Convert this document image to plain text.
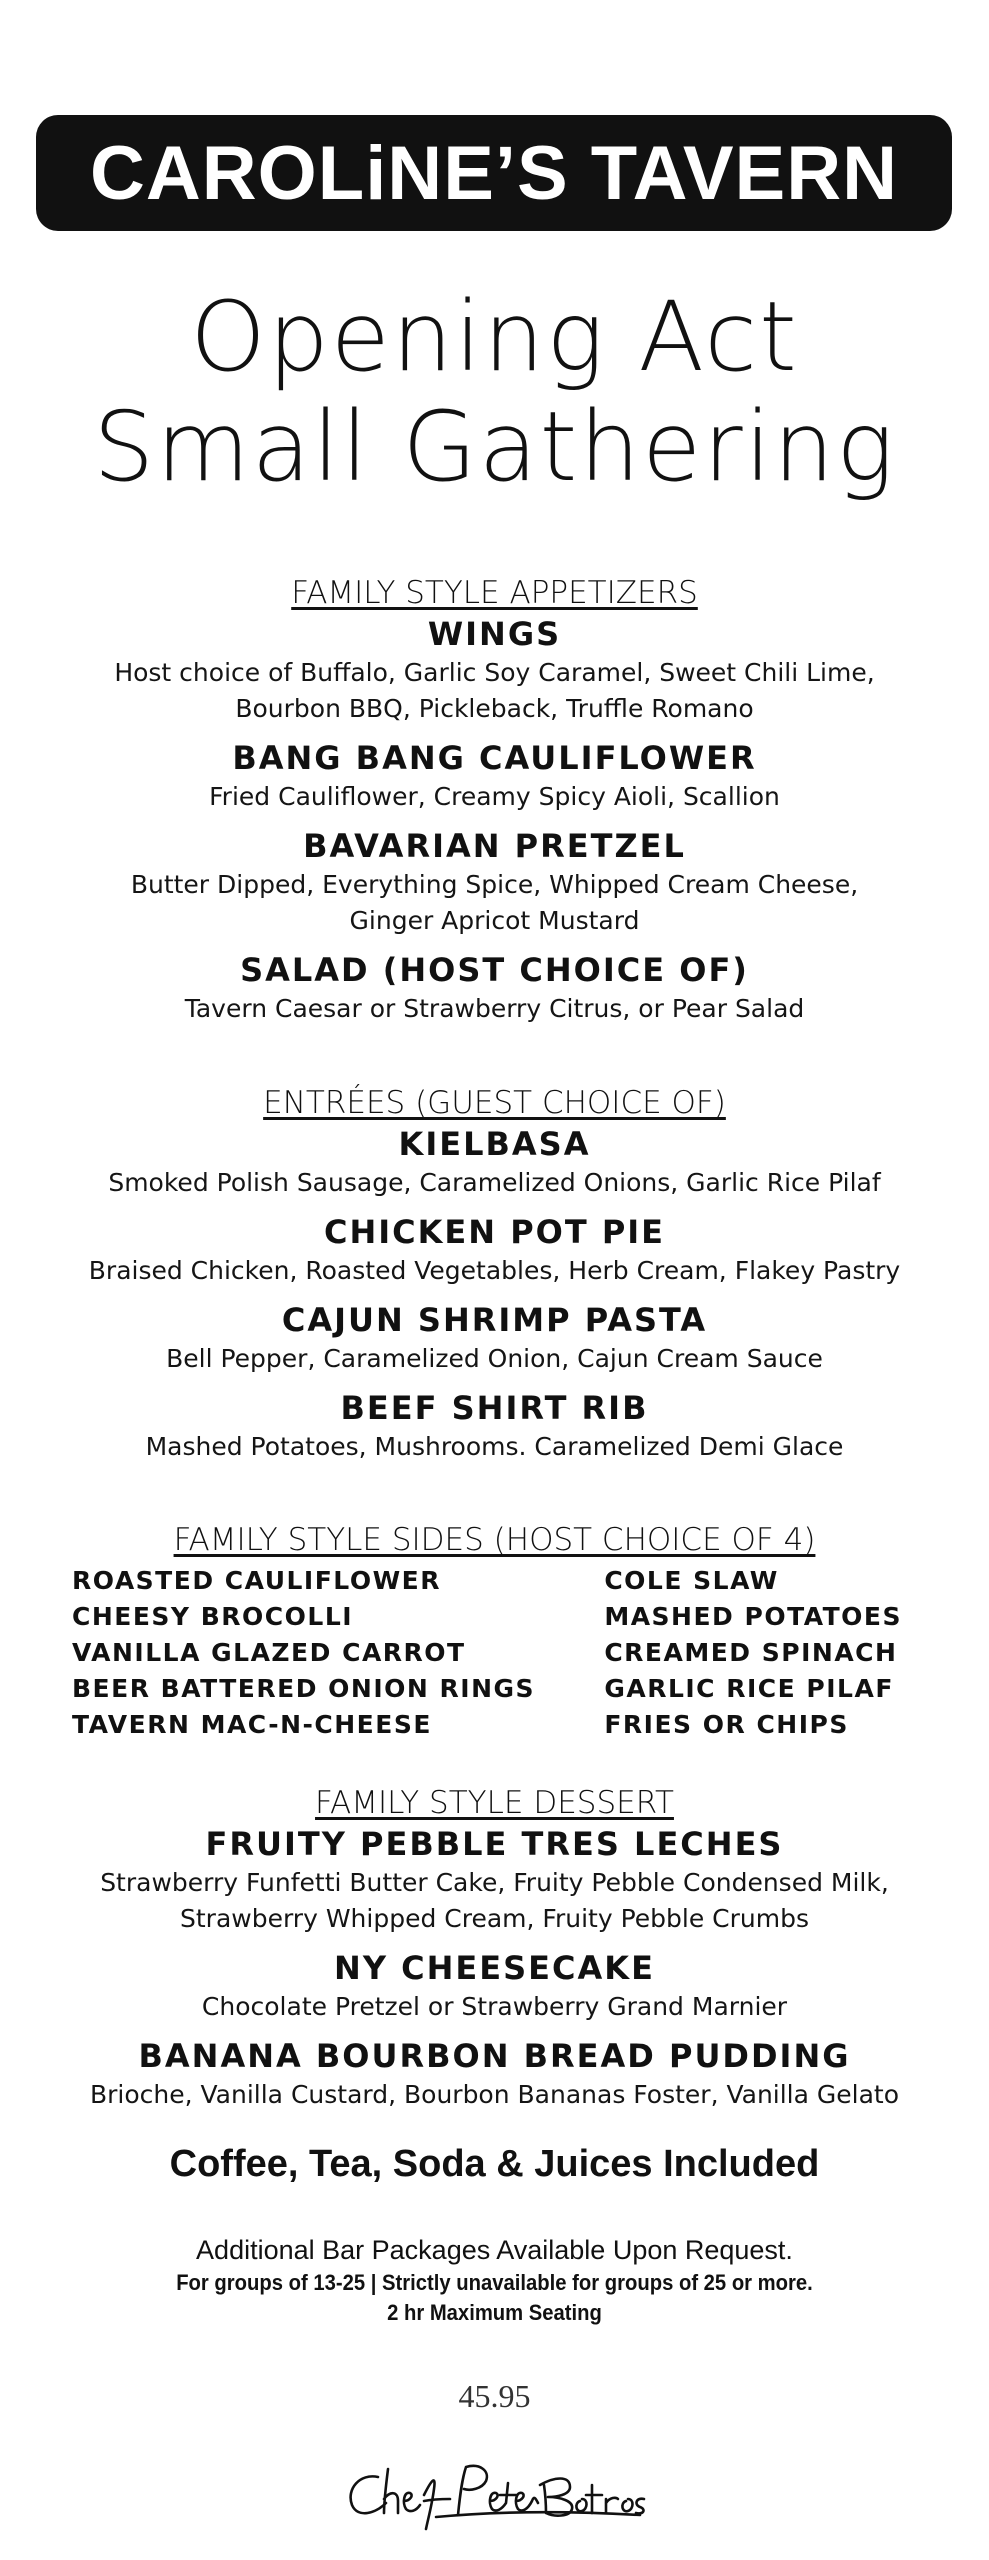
CAROLiNE’S TAVERN
Opening Act
Small Gathering
FAMILY STYLE APPETIZERS
WINGS
Host choice of Buffalo, Garlic Soy Caramel, Sweet Chili Lime,
Bourbon BBQ, Pickleback, Truffle Romano
BANG BANG CAULIFLOWER
Fried Cauliflower, Creamy Spicy Aioli, Scallion
BAVARIAN PRETZEL
Butter Dipped, Everything Spice, Whipped Cream Cheese,
Ginger Apricot Mustard
SALAD (HOST CHOICE OF)
Tavern Caesar or Strawberry Citrus, or Pear Salad
ENTRÉES (GUEST CHOICE OF)
KIELBASA
Smoked Polish Sausage, Caramelized Onions, Garlic Rice Pilaf
CHICKEN POT PIE
Braised Chicken, Roasted Vegetables, Herb Cream, Flakey Pastry
CAJUN SHRIMP PASTA
Bell Pepper, Caramelized Onion, Cajun Cream Sauce
BEEF SHIRT RIB
Mashed Potatoes, Mushrooms. Caramelized Demi Glace
FAMILY STYLE SIDES (HOST CHOICE OF 4)
ROASTED CAULIFLOWER
CHEESY BROCOLLI
VANILLA GLAZED CARROT
BEER BATTERED ONION RINGS
TAVERN MAC-N-CHEESE
COLE SLAW
MASHED POTATOES
CREAMED SPINACH
GARLIC RICE PILAF
FRIES OR CHIPS
FAMILY STYLE DESSERT
FRUITY PEBBLE TRES LECHES
Strawberry Funfetti Butter Cake, Fruity Pebble Condensed Milk,
Strawberry Whipped Cream, Fruity Pebble Crumbs
NY CHEESECAKE
Chocolate Pretzel or Strawberry Grand Marnier
BANANA BOURBON BREAD PUDDING
Brioche, Vanilla Custard, Bourbon Bananas Foster, Vanilla Gelato
Coffee, Tea, Soda & Juices Included
Additional Bar Packages Available Upon Request.
For groups of 13-25 | Strictly unavailable for groups of 25 or more.
2 hr Maximum Seating
45.95
